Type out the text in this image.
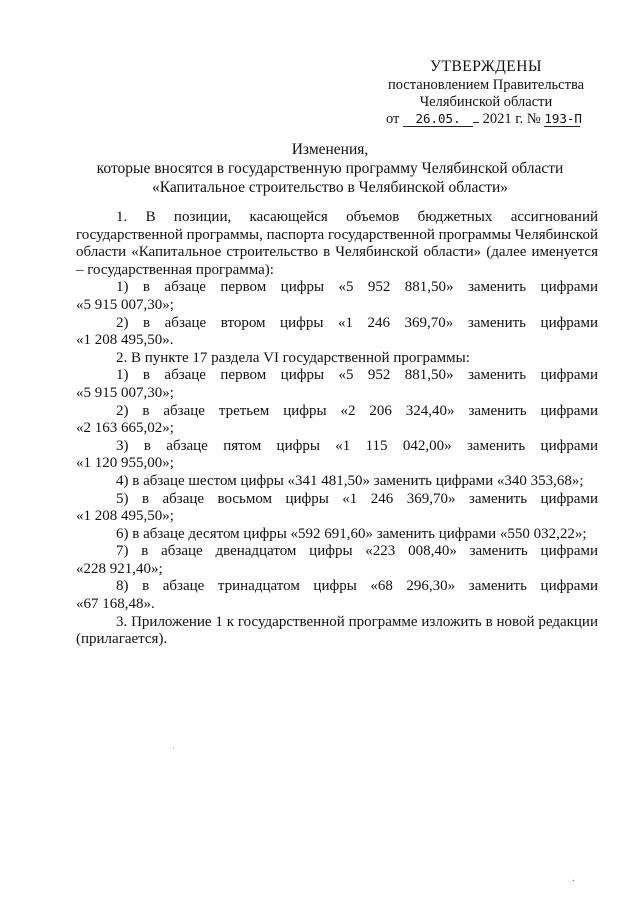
УТВЕРЖДЕНЫ
постановлением Правительства
Челябинской области
от 26.05. 2021 г. № 193-П
Изменения,
которые вносятся в государственную программу Челябинской области
«Капитальное строительство в Челябинской области»

1. В позиции, касающейся объемов бюджетных ассигнований государственной программы, паспорта государственной программы Челябинской области «Капитальное строительство в Челябинской области» (далее именуется – государственная программа):

1) в абзаце первом цифры «5 952 881,50» заменить цифрами

«5 915 007,30»;

2) в абзаце втором цифры «1 246 369,70» заменить цифрами

«1 208 495,50».

2. В пункте 17 раздела VI государственной программы:

1) в абзаце первом цифры «5 952 881,50» заменить цифрами

«5 915 007,30»;

2) в абзаце третьем цифры «2 206 324,40» заменить цифрами

«2 163 665,02»;

3) в абзаце пятом цифры «1 115 042,00» заменить цифрами

«1 120 955,00»;

4) в абзаце шестом цифры «341 481,50» заменить цифрами «340 353,68»;

5) в абзаце восьмом цифры «1 246 369,70» заменить цифрами

«1 208 495,50»;

6) в абзаце десятом цифры «592 691,60» заменить цифрами «550 032,22»;

7) в абзаце двенадцатом цифры «223 008,40» заменить цифрами

«228 921,40»;

8) в абзаце тринадцатом цифры «68 296,30» заменить цифрами

«67 168,48».

3. Приложение 1 к государственной программе изложить в новой редакции (прилагается).

.
